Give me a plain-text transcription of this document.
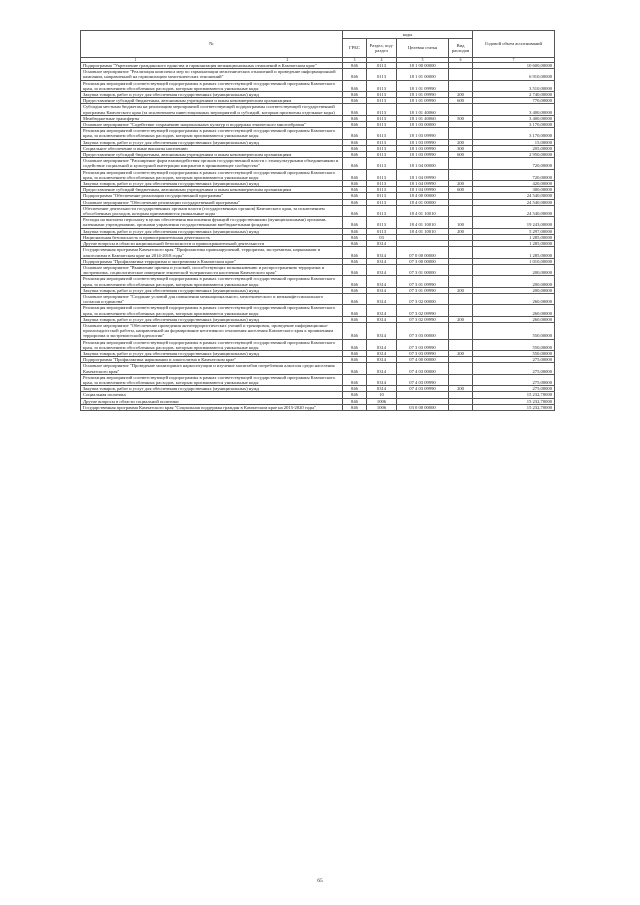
№	коды				Годовой объем ассигнований
	ГРБС	Раздел, под-раздел	Целевая статья	Вид расходов	
1 2	3	4	5	6	7
Подпрограмма "Укрепление гражданского единства и гармонизация межнациональных отношений в Камчатском крае"	846	0113	18 1 00 00000		10 600,00000
Основное мероприятие "Реализация комплекса мер по гармонизации межэтнических отношений и проведение информационной кампании, направленной на гармонизацию межэтнических отношений"	846	0113	18 1 01 00000		6 910,00000
Реализация мероприятий соответствующей подпрограммы в рамках соответствующей государственной программы Камчатского края, за исключением обособленных расходов, которым присваиваются уникальные коды	846	0113	18 1 01 09990		3 510,00000
Закупка товаров, работ и услуг для обеспечения государственных (муниципальных) нужд	846	0113	18 1 01 09990	200	2 740,00000
Предоставление субсидий бюджетным, автономным учреждениям и иным некоммерческим организациям	846	0113	18 1 01 09990	600	770,00000
Субсидия местным бюджетам на реализацию мероприятий соответствующей подпрограммы соответствующей государственной программы Камчатского края (за исключением инвестиционных мероприятий и субсидий, которым присвоены отдельные коды)	846	0113	18 1 01 40060		3 400,00000
Межбюджетные трансферты	846	0113	18 1 01 40060	500	3 400,00000
Основное мероприятие "Содействие сохранению национальных культур и поддержка этнического многообразия"	846	0113	18 1 03 00000		3 170,00000
Реализация мероприятий соответствующей подпрограммы в рамках соответствующей государственной программы Камчатского края, за исключением обособленных расходов, которым присваиваются уникальные коды	846	0113	18 1 03 09990		3 170,00000
Закупка товаров, работ и услуг для обеспечения государственных (муниципальных) нужд	846	0113	18 1 03 09990	200	15,00000
Социальное обеспечение и иные выплаты населению	846	0113	18 1 03 09990	300	205,00000
Предоставление субсидий бюджетным, автономным учреждениям и иным некоммерческим организациям	846	0113	18 1 03 09990	600	2 950,00000
Основное мероприятие "Расширение форм взаимодействия органов государственной власти с этнокультурными объединениями и содействие социальной и культурной интеграции мигрантов в принимающее сообщество"	846	0113	18 1 04 00000		720,00000
Реализация мероприятий соответствующей подпрограммы в рамках соответствующей государственной программы Камчатского края, за исключением обособленных расходов, которым присваиваются уникальные коды	846	0113	18 1 04 09990		720,00000
Закупка товаров, работ и услуг для обеспечения государственных (муниципальных) нужд	846	0113	18 1 04 09990	200	420,00000
Предоставление субсидий бюджетным, автономным учреждениям и иным некоммерческим организациям	846	0113	18 1 04 09990	600	300,00000
Подпрограмма "Обеспечение реализации государственной программы"	846	0113	18 4 00 00000		24 540,00000
Основное мероприятие "Обеспечение реализации государственной программы"	846	0113	18 4 01 00000		24 540,00000
Обеспечение деятельности государственных органов власти (государственных органов) Камчатского края, за исключением обособленных расходов, которым присваиваются уникальные коды	846	0113	18 4 01 10010		24 540,00000
Расходы на выплаты персоналу в целях обеспечения выполнения функций государственными (муниципальными) органами, казенными учреждениями, органами управления государственными внебюджетными фондами	846	0113	18 4 01 10010	100	19 243,00000
Закупка товаров, работ и услуг для обеспечения государственных (муниципальных) нужд	846	0113	18 4 01 10010	200	5 297,00000
Национальная безопасность и правоохранительная деятельность	846	03			1 285,00000
Другие вопросы в области национальной безопасности и правоохранительной деятельности	846	0314			1 285,00000
Государственная программа Камчатского края "Профилактика правонарушений, терроризма, экстремизма, наркомании и алкоголизма в Камчатском крае на 2014-2018 годы"	846	0314	07 0 00 00000		1 285,00000
Подпрограмма "Профилактика терроризма и экстремизма в Камчатском крае"	846	0314	07 3 00 00000		1 010,00000
Основное мероприятие "Выявление причин и условий, способствующих возникновению и распространению терроризма и экстремизма, социологическое измерение этнической толерантности населения Камчатского края"	846	0314	07 3 01 00000		200,00000
Реализация мероприятий соответствующей подпрограммы в рамках соответствующей государственной программы Камчатского края, за исключением обособленных расходов, которым присваиваются уникальные коды	846	0314	07 3 01 09990		200,00000
Закупка товаров, работ и услуг для обеспечения государственных (муниципальных) нужд	846	0314	07 3 01 09990	200	200,00000
Основное мероприятие "Создание условий для повышения межнационального, межэтнического и межконфессионального согласия и единства"	846	0314	07 3 02 00000		260,00000
Реализация мероприятий соответствующей подпрограммы в рамках соответствующей государственной программы Камчатского края, за исключением обособленных расходов, которым присваиваются уникальные коды	846	0314	07 3 02 09990		260,00000
Закупка товаров, работ и услуг для обеспечения государственных (муниципальных) нужд	846	0314	07 3 02 09990	200	260,00000
Основное мероприятие "Обеспечение проведения антитеррористических учений и тренировок, проведение информационно-пропагандистской работы, направленной на формирование негативного отношения населения Камчатского края к проявлениям терроризма и экстремистской идеологии"	846	0314	07 3 03 00000		550,00000
Реализация мероприятий соответствующей подпрограммы в рамках соответствующей государственной программы Камчатского края, за исключением обособленных расходов, которым присваиваются уникальные коды	846	0314	07 3 03 09990		550,00000
Закупка товаров, работ и услуг для обеспечения государственных (муниципальных) нужд	846	0314	07 3 03 09990	200	550,00000
Подпрограмма "Профилактика наркомании и алкоголизма в Камчатском крае"	846	0314	07 4 00 00000		275,00000
Основное мероприятие "Проведение мониторинга наркоситуации и изучение масштабов потребления алкоголя среди населения Камчатского края"	846	0314	07 4 03 00000		275,00000
Реализация мероприятий соответствующей подпрограммы в рамках соответствующей государственной программы Камчатского края, за исключением обособленных расходов, которым присваиваются уникальные коды	846	0314	07 4 03 09990		275,00000
Закупка товаров, работ и услуг для обеспечения государственных (муниципальных) нужд	846	0314	07 4 03 09990	200	275,00000
Социальная политика	846	10			15 232,70000
Другие вопросы в области социальной политики	846	1006			15 232,70000
Государственная программа Камчатского края "Социальная поддержка граждан в Камчатском крае на 2015-2020 годы"	846	1006	03 0 00 00000		15 232,70000
65
